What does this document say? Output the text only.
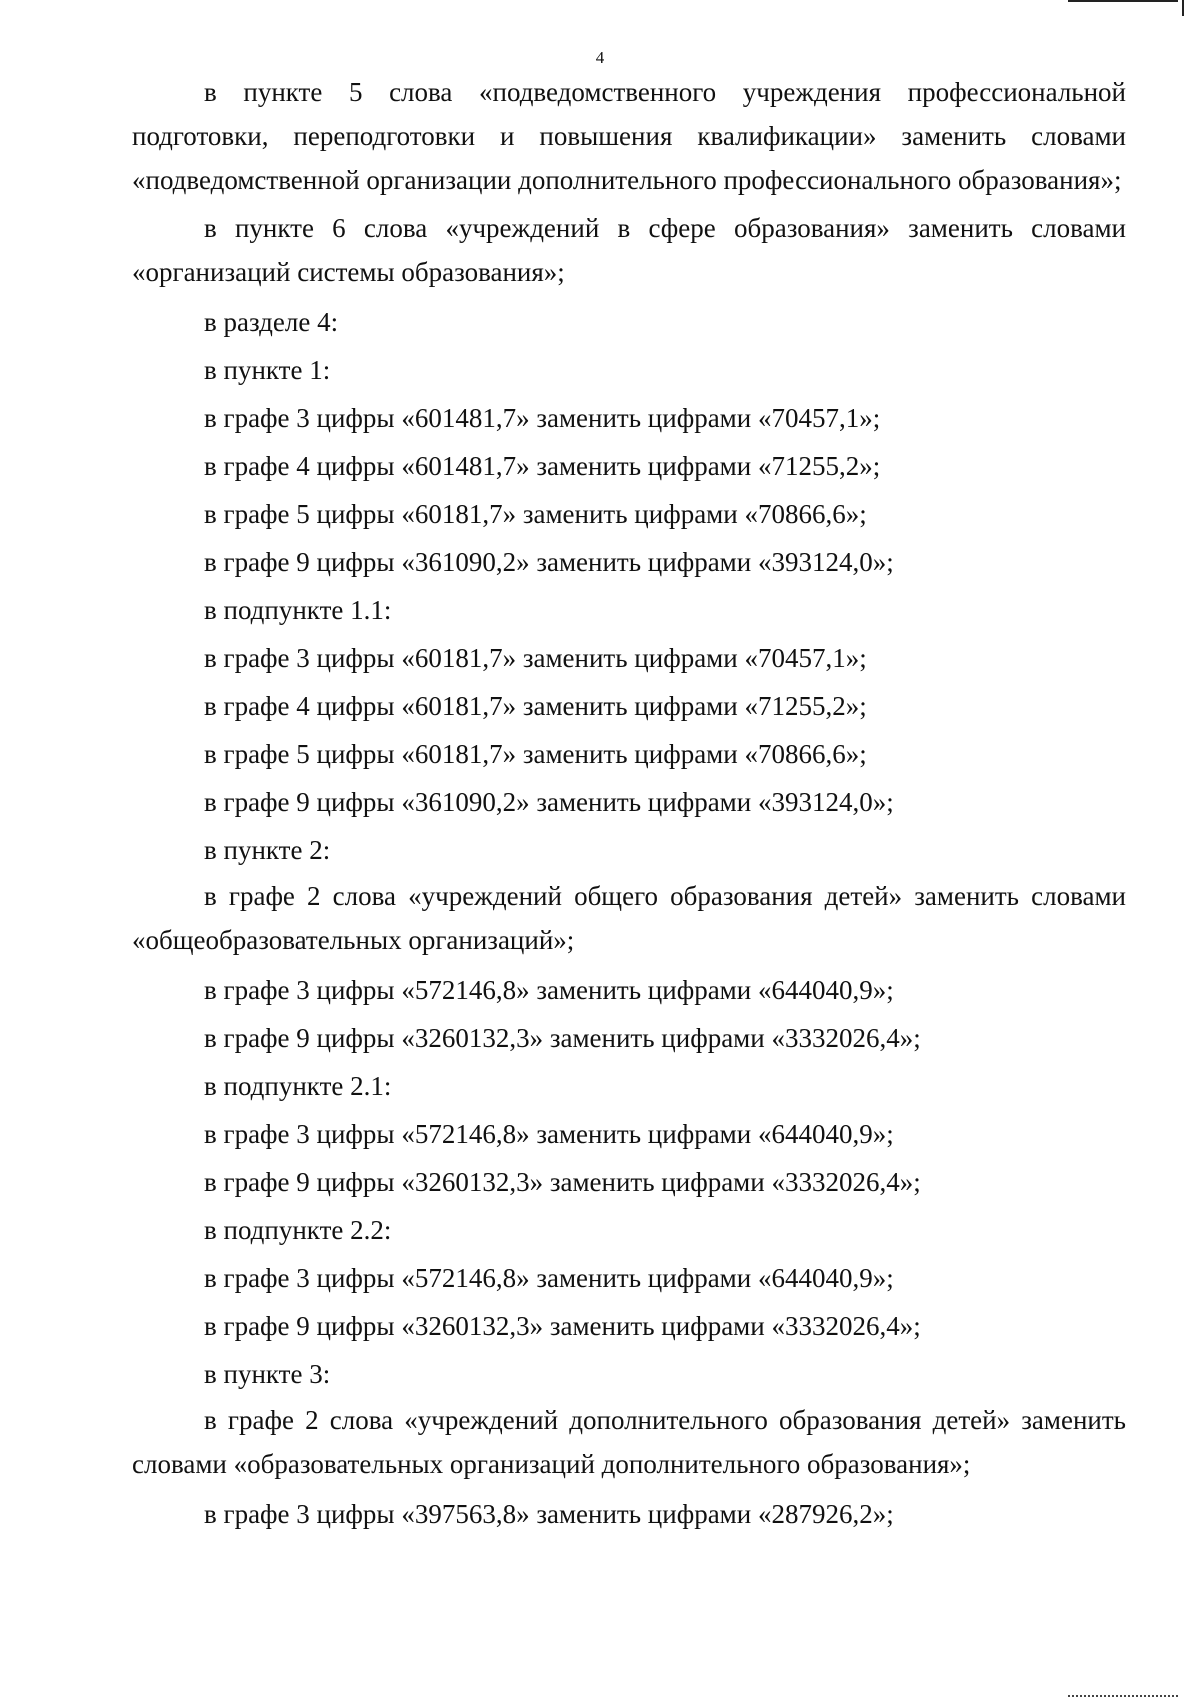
4

в пункте 5 слова «подведомственного учреждения профессиональной подготовки, переподготовки и повышения квалификации» заменить словами «подведомственной организации дополнительного профессионального образования»;

в пункте 6 слова «учреждений в сфере образования» заменить словами «организаций системы образования»;

в разделе 4:

в пункте 1:

в графе 3 цифры «601481,7» заменить цифрами «70457,1»;

в графе 4 цифры «601481,7» заменить цифрами «71255,2»;

в графе 5 цифры «60181,7» заменить цифрами «70866,6»;

в графе 9 цифры «361090,2» заменить цифрами «393124,0»;

в подпункте 1.1:

в графе 3 цифры «60181,7» заменить цифрами «70457,1»;

в графе 4 цифры «60181,7» заменить цифрами «71255,2»;

в графе 5 цифры «60181,7» заменить цифрами «70866,6»;

в графе 9 цифры «361090,2» заменить цифрами «393124,0»;

в пункте 2:

в графе 2 слова «учреждений общего образования детей» заменить словами «общеобразовательных организаций»;

в графе 3 цифры «572146,8» заменить цифрами «644040,9»;

в графе 9 цифры «3260132,3» заменить цифрами «3332026,4»;

в подпункте 2.1:

в графе 3 цифры «572146,8» заменить цифрами «644040,9»;

в графе 9 цифры «3260132,3» заменить цифрами «3332026,4»;

в подпункте 2.2:

в графе 3 цифры «572146,8» заменить цифрами «644040,9»;

в графе 9 цифры «3260132,3» заменить цифрами «3332026,4»;

в пункте 3:

в графе 2 слова «учреждений дополнительного образования детей» заменить словами «образовательных организаций дополнительного образования»;

в графе 3 цифры «397563,8» заменить цифрами «287926,2»;
